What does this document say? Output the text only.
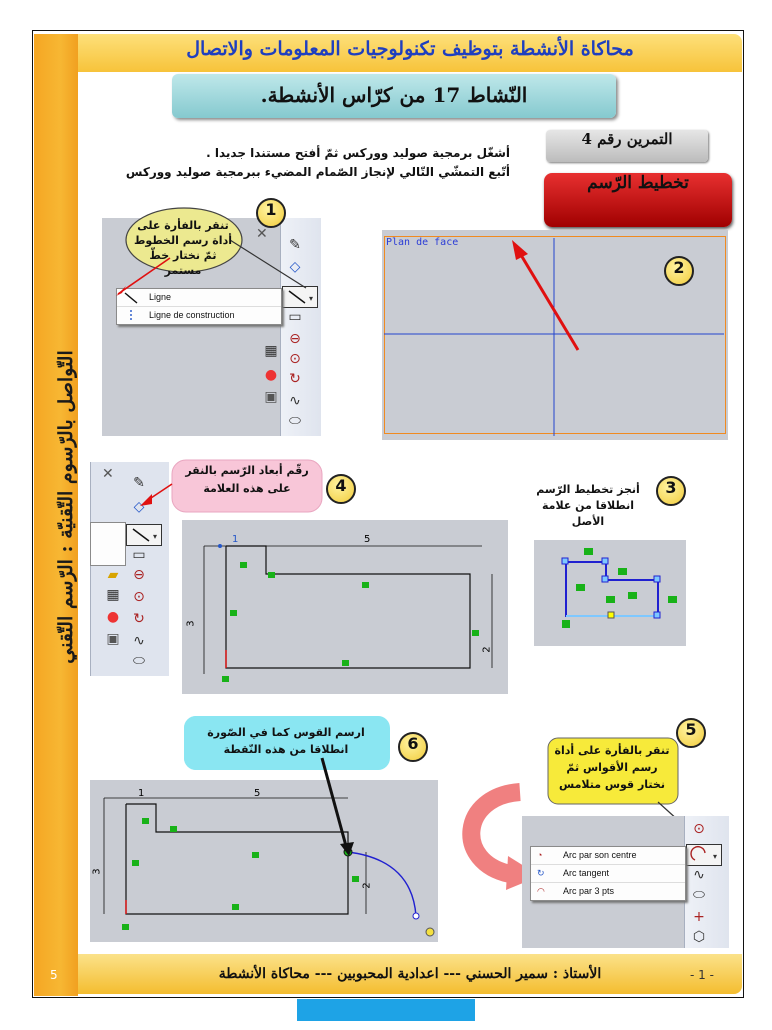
التّواصل بالرّسوم التّقنيّة : الرّسم التّقني
5
محاكاة الأنشطة بتوظيف تكنولوجيات المعلومات والاتصال
النّشاط 17 من كرّاس الأنشطة.
التمرين رقم 4
تخطيط الرّسم
أشغّل برمجية صوليد ووركس ثمّ أفتح مستندا جديدا .
أتّبع التمشّي التّالي لإنجاز الصّمام المضيء ببرمجية صوليد ووركس
✕
✎
◇
▾
▭
⊖
⊙
↻
∿
⬭
▦
●
▣
Ligne
Ligne de construction
تنقر بالفأرة على أداة رسم الخطوط ثمّ نختار خطّ مستمر
1
Plan de face
2
✕
✎
◇
▾
▭
⊖
⊙
↻
∿
⬭
▰
▦
●
▣
رقّم أبعاد الرّسم بالنقر على هذه العلامة	4
1	5
3
2
أنجز تخطيط الرّسم انطلاقا من علامة الأصل
3
ارسم القوس كما في الصّورة انطلاقا من هذه النّقطة	6
1	5
3
2
5
تنقر بالفأرة على أداة رسم الأقواس ثمّ نختار قوس متلامس
⊙
▾
∿
⬭
+
⬡
◔ Arc par son centre
↻ Arc tangent
◠ Arc par 3 pts
الأستاذ : سمير الحسني --- اعدادية المحبوبين --- محاكاة الأنشطة	- 1 -
